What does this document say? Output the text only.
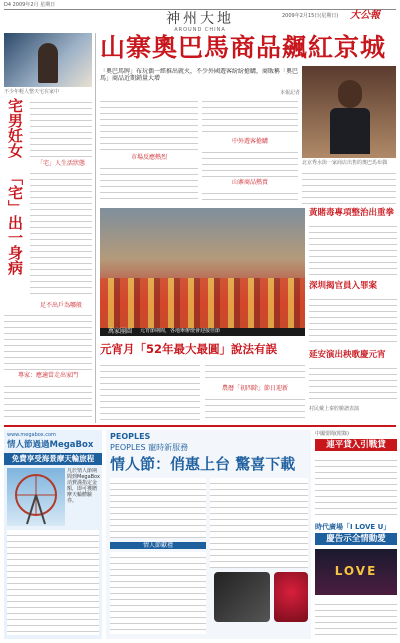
D4 2009年2月 星期日
神州大地
AROUND CHINA
2009年2月15日(星期日)	大公報
不少年輕人整天宅在家中
宅男妊女
「宅」出一身病
「宅」人生活狀態
足不出戶為哪般
專家：應適當走出家門
山寨奧巴馬商品飆紅京城
「奧巴馬牌」布玩偶一經推出就火，不少外國遊客紛紛搶購，商販稱「奧巴馬」商品近期銷量大增
本報記者
北京秀水街一家商店出售的奧巴馬布偶
市場反應熱烈
中外遊客搶購
山寨商品熱賣
萬家團圓	元宵節期間，各地舉辦燈會迎接佳節
元宵月「52年最大最圓」說法有誤
農曆「初四除」節日迎新
黃賭毒專項整治出重拳
深圳揭官員入罪案
延安演出秧歌慶元宵
村民戴上秦腔臉譜表演
www.megabox.com
情人節過過MegaBox
免費享受海景摩天輪旅程
凡於情人節期間到MegaBox消費滿指定金額，即可獲贈摩天輪體驗券。
PEOPLES
PEOPLES 寵時新服務
情人節：俏惠上台 驚喜下載
情人節獻禮
中國要聞(附錄)
連平貸入引戰貸
時代廣場「I LOVE U」
慶告示全情動愛
LOVE
